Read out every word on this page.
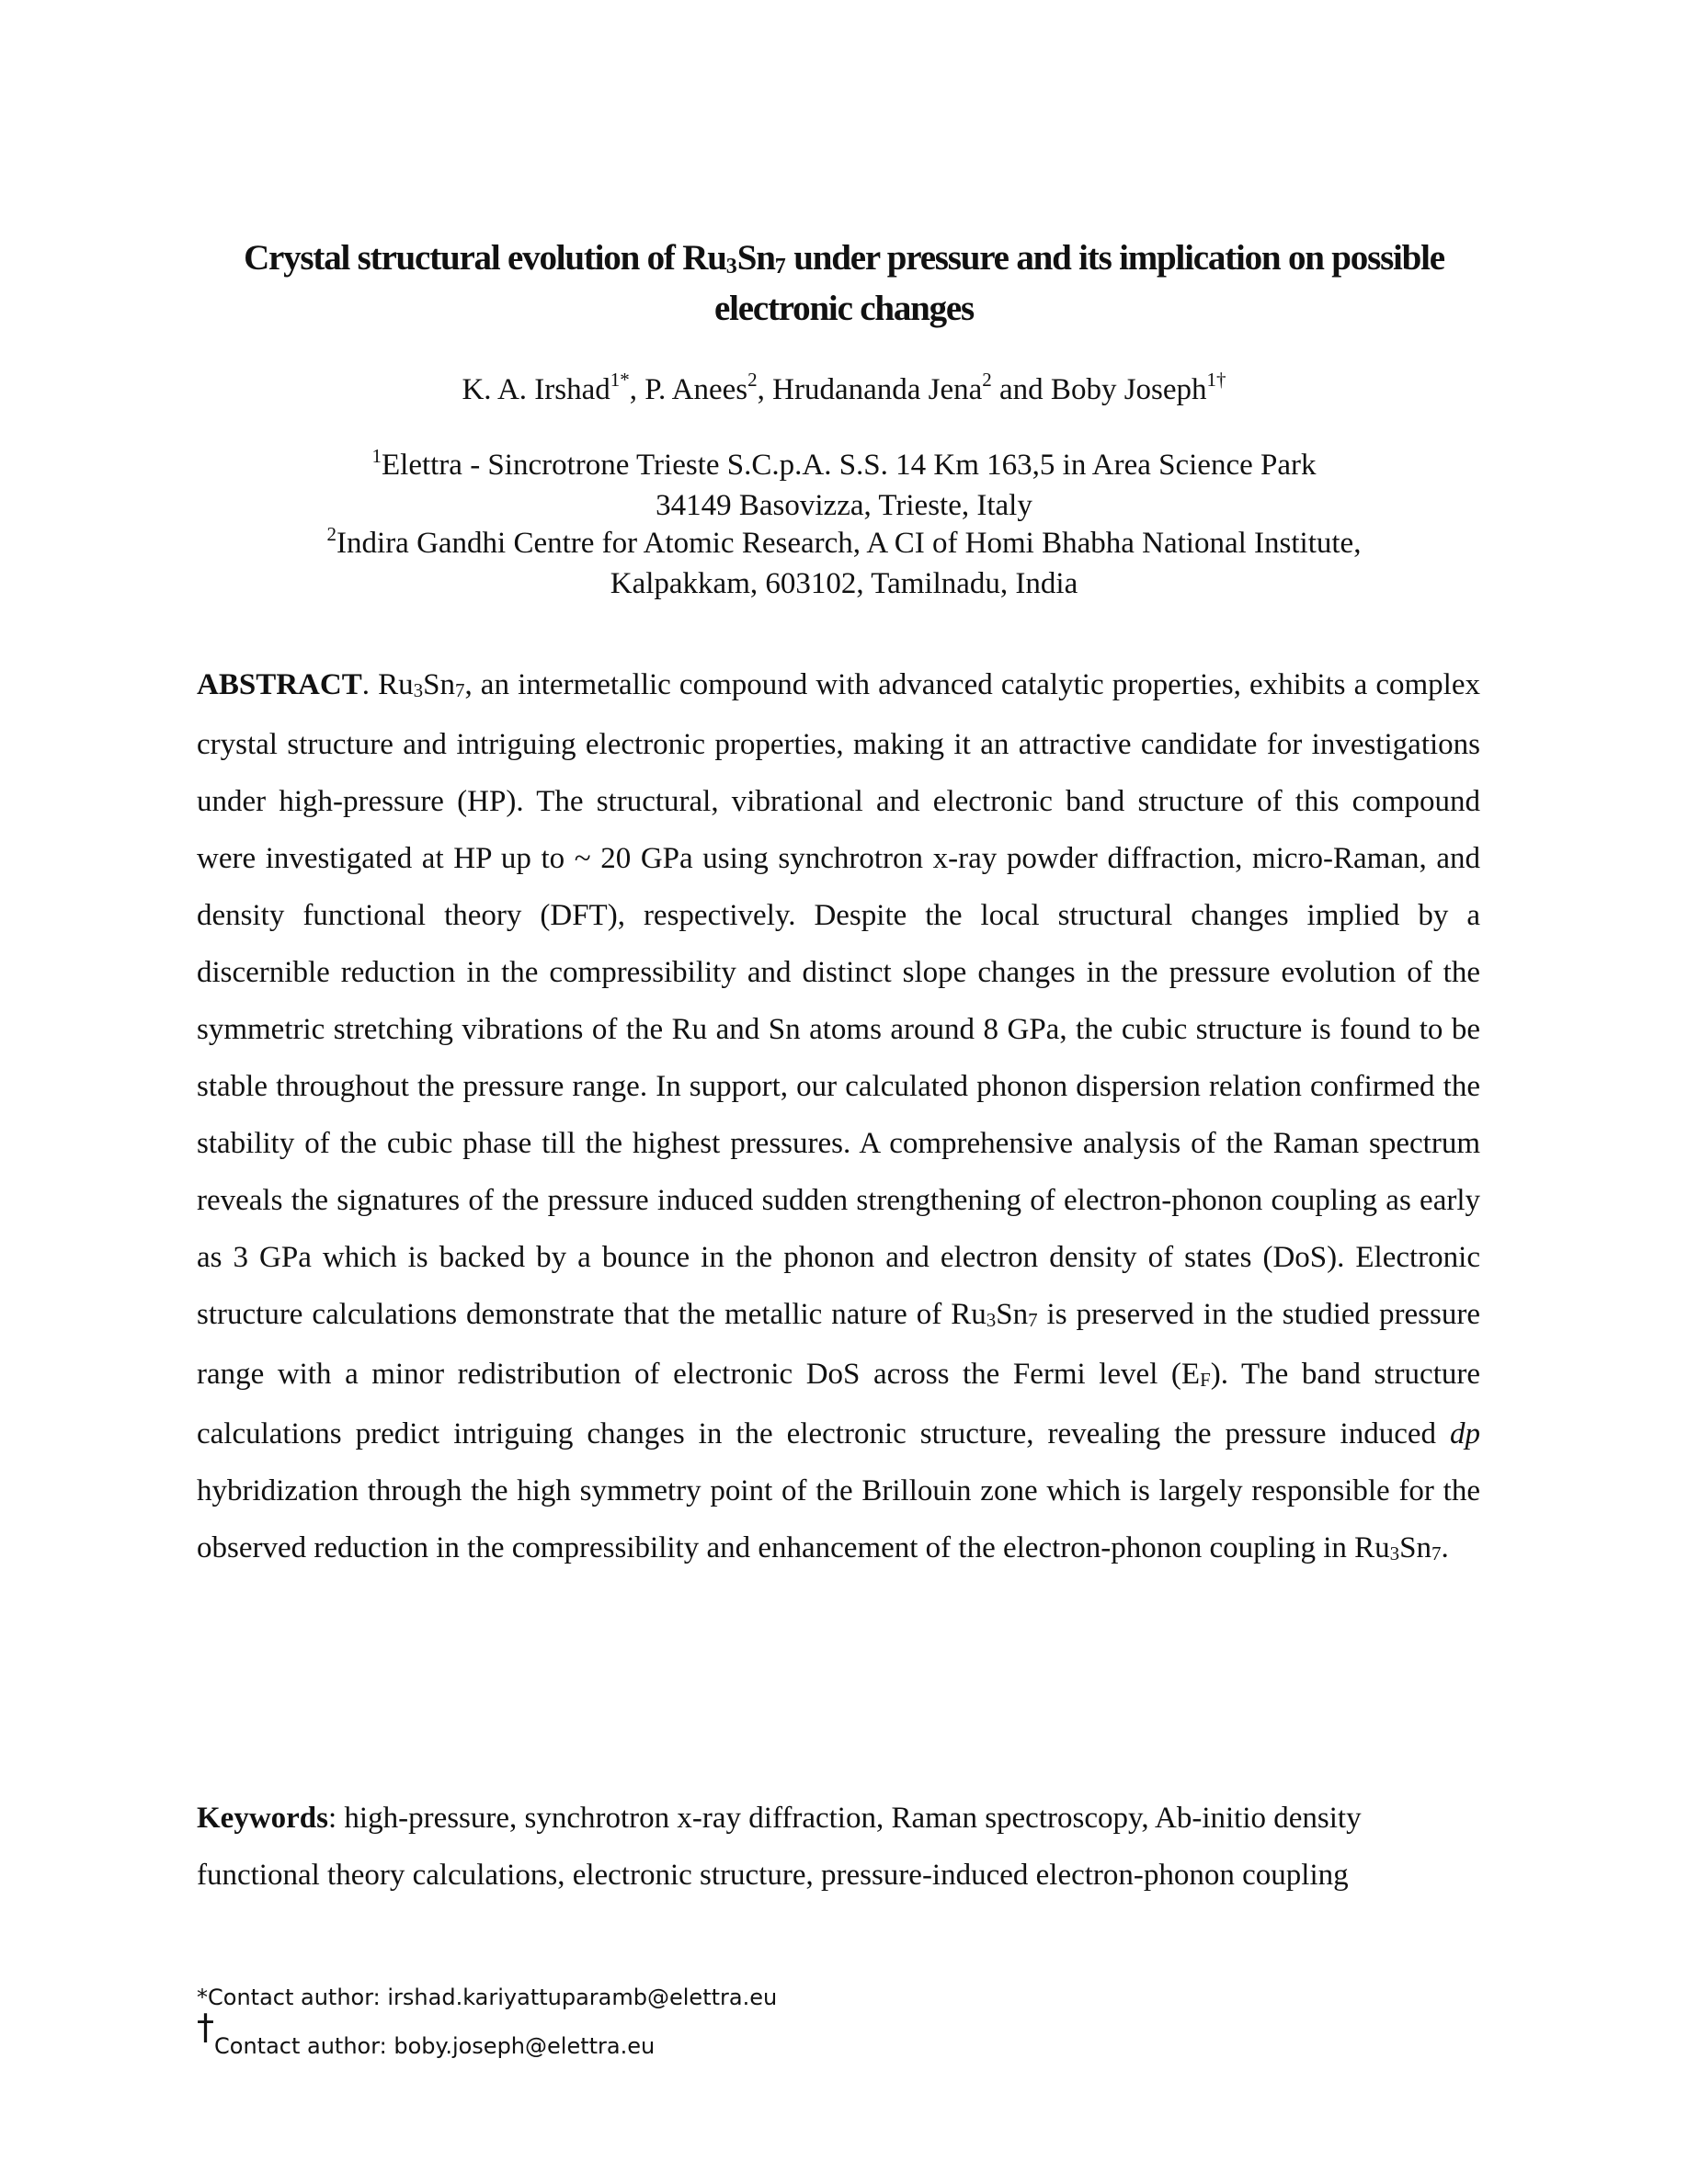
Crystal structural evolution of $Ru_3Sn_7$ under pressure and its implication on possible
electronic changes
K. A. Irshad$^{1*}$, P. Anees$^2$, Hrudananda Jena$^2$ and Boby Joseph$^{1\dagger}$
$^1$Elettra - Sincrotrone Trieste S.C.p.A. S.S. 14 Km 163,5 in Area Science Park
34149 Basovizza, Trieste, Italy
$^2$Indira Gandhi Centre for Atomic Research, A CI of Homi Bhabha National Institute,
Kalpakkam, 603102, Tamilnadu, India

ABSTRACT. $Ru_3Sn_7$, an intermetallic compound with advanced catalytic properties, exhibits a complex crystal structure and intriguing electronic properties, making it an attractive candidate for investigations under high-pressure (HP). The structural, vibrational and electronic band structure of this compound were investigated at HP up to ~ 20 GPa using synchrotron x-ray powder diffraction, micro-Raman, and density functional theory (DFT), respectively. Despite the local structural changes implied by a discernible reduction in the compressibility and distinct slope changes in the pressure evolution of the symmetric stretching vibrations of the Ru and Sn atoms around 8 GPa, the cubic structure is found to be stable throughout the pressure range. In support, our calculated phonon dispersion relation confirmed the stability of the cubic phase till the highest pressures. A comprehensive analysis of the Raman spectrum reveals the signatures of the pressure induced sudden strengthening of electron-phonon coupling as early as 3 GPa which is backed by a bounce in the phonon and electron density of states (DoS). Electronic structure calculations demonstrate that the metallic nature of $Ru_3Sn_7$ is preserved in the studied pressure range with a minor redistribution of electronic DoS across the Fermi level $(E_F)$. The band structure calculations predict intriguing changes in the electronic structure, revealing the pressure induced dp hybridization through the high symmetry point of the Brillouin zone which is largely responsible for the observed reduction in the compressibility and enhancement of the electron-phonon coupling in $Ru_3Sn_7$.

Keywords: high-pressure, synchrotron x-ray diffraction, Raman spectroscopy, Ab-initio density functional theory calculations, electronic structure, pressure-induced electron-phonon coupling

*Contact author: irshad.kariyattuparamb@elettra.eu
†Contact author: boby.joseph@elettra.eu
